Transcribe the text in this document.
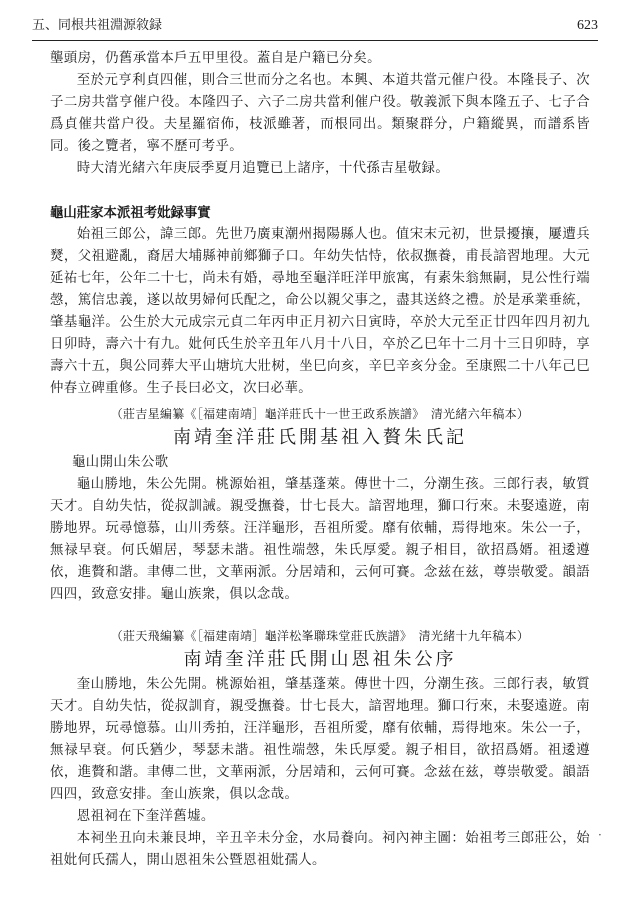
五、同根共祖淵源敘録	623

壟頭房，仍舊承當本戶五甲里役。蓋自是户籍已分矣。

至於元亨利貞四催，則合三世而分之名也。本興、本道共當元催户役。本隆長子、次子二房共當亨催户役。本隆四子、六子二房共當利催户役。敬義派下與本隆五子、七子合爲貞催共當户役。夫星羅宿佈，枝派雖著，而根同出。類聚群分，户籍縱異，而譜系皆同。後之覽者，寧不歷可考乎。

時大清光緒六年庚辰季夏月追覽已上諸序，十代孫吉星敬録。

龜山莊家本派祖考妣録事實

始祖三郎公，諱三郎。先世乃廣東潮州揭陽縣人也。值宋末元初，世景擾攘，屢遭兵燹，父祖避亂，裔居大埔縣神前鄉獅子口。年幼失怙恃，依叔撫養，甫長諳習地理。大元延祐七年，公年二十七，尚未有婚，尋地至龜洋旺洋甲旅寓，有素朱翁無嗣，見公性行端愨，篤信忠義，遂以故男婦何氏配之，命公以親父事之，盡其送終之禮。於是承業垂統，肇基龜洋。公生於大元成宗元貞二年丙申正月初六日寅時，卒於大元至正廿四年四月初九日卯時，壽六十有九。妣何氏生於辛丑年八月十八日，卒於乙巳年十二月十三日卯時，享壽六十五，與公同葬大平山塘坑大壯树，坐巳向亥，辛巳辛亥分金。至康熙二十八年己巳仲春立碑重修。生子長曰必文，次曰必華。

（莊吉星編纂《［福建南靖］龜洋莊氏十一世王政系族譜》　清光緒六年稿本）

南靖奎洋莊氏開基祖入贅朱氏記

龜山開山朱公歌

龜山勝地，朱公先開。桃源始祖，肇基蓬萊。傳世十二，分潮生孩。三郎行表，敏質天才。自幼失怙，從叔訓誡。親受撫養，廿七長大。諳習地理，獅口行來。未娶遠遊，南勝地界。玩尋憶慕，山川秀蔡。汪洋龜形，吾祖所愛。靡有依輔，焉得地來。朱公一子，無禄早衰。何氏媚居，琴瑟未諧。祖性端愨，朱氏厚愛。親子相目，欲招爲婿。祖逶遵依，進贅和諧。聿傳二世，文華兩派。分居靖和，云何可賽。念兹在兹，尊崇敬愛。韻語四四，致意安排。龜山族衆，俱以念哉。

（莊天飛編纂《［福建南靖］龜洋松峯聯珠堂莊氏族譜》　清光緒十九年稿本）

南靖奎洋莊氏開山恩祖朱公序

奎山勝地，朱公先開。桃源始祖，肇基蓬萊。傳世十四，分潮生孩。三郎行表，敏質天才。自幼失怙，從叔訓育，親受撫養。廿七長大，諳習地理。獅口行來，未娶遠遊。南勝地界，玩尋憶慕。山川秀拍，汪洋龜形，吾祖所愛，靡有依輔，焉得地來。朱公一子，無禄早衰。何氏猶少，琴瑟未諧。祖性端愨，朱氏厚愛。親子相目，欲招爲婿。祖逶遵依，進贅和諧。聿傳二世，文華兩派，分居靖和，云何可賽。念兹在兹，尊崇敬愛。韻語四四，致意安排。奎山族衆，俱以念哉。

恩祖祠在下奎洋舊墟。

本祠坐丑向未兼艮坤，辛丑辛未分金，水局養向。祠內神主圖：始祖考三郎莊公，始祖妣何氏孺人，開山恩祖朱公暨恩祖妣孺人。

·
